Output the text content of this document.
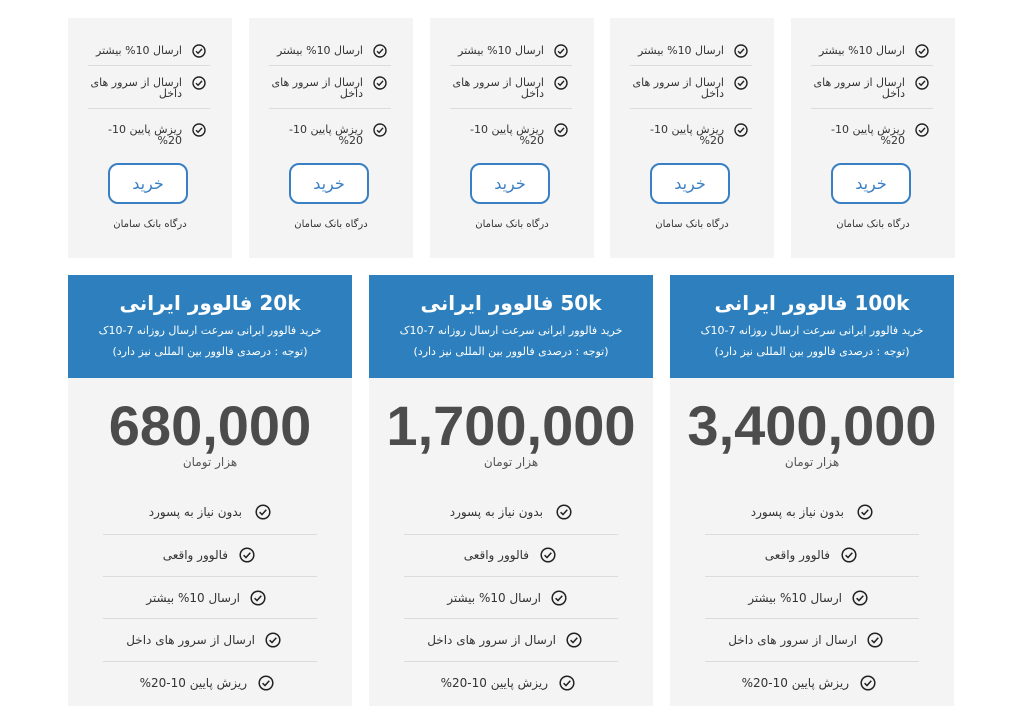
ارسال 10% بیشتر
ارسال از سرور های داخل
ریزش پایین 10-20%
خرید
درگاه بانک سامان
ارسال 10% بیشتر
ارسال از سرور های داخل
ریزش پایین 10-20%
خرید
درگاه بانک سامان
ارسال 10% بیشتر
ارسال از سرور های داخل
ریزش پایین 10-20%
خرید
درگاه بانک سامان
ارسال 10% بیشتر
ارسال از سرور های داخل
ریزش پایین 10-20%
خرید
درگاه بانک سامان
ارسال 10% بیشتر
ارسال از سرور های داخل
ریزش پایین 10-20%
خرید
درگاه بانک سامان
20k فالوور ایرانی
خرید فالوور ایرانی سرعت ارسال روزانه 7-10ک (توجه : درصدی فالوور بین المللی نیز دارد)
680,000
هزار تومان
بدون نیاز به پسورد
فالوور واقعی
ارسال 10% بیشتر
ارسال از سرور های داخل
ریزش پایین 10-20%
50k فالوور ایرانی
خرید فالوور ایرانی سرعت ارسال روزانه 7-10ک (توجه : درصدی فالوور بین المللی نیز دارد)
1,700,000
هزار تومان
بدون نیاز به پسورد
فالوور واقعی
ارسال 10% بیشتر
ارسال از سرور های داخل
ریزش پایین 10-20%
100k فالوور ایرانی
خرید فالوور ایرانی سرعت ارسال روزانه 7-10ک (توجه : درصدی فالوور بین المللی نیز دارد)
3,400,000
هزار تومان
بدون نیاز به پسورد
فالوور واقعی
ارسال 10% بیشتر
ارسال از سرور های داخل
ریزش پایین 10-20%
